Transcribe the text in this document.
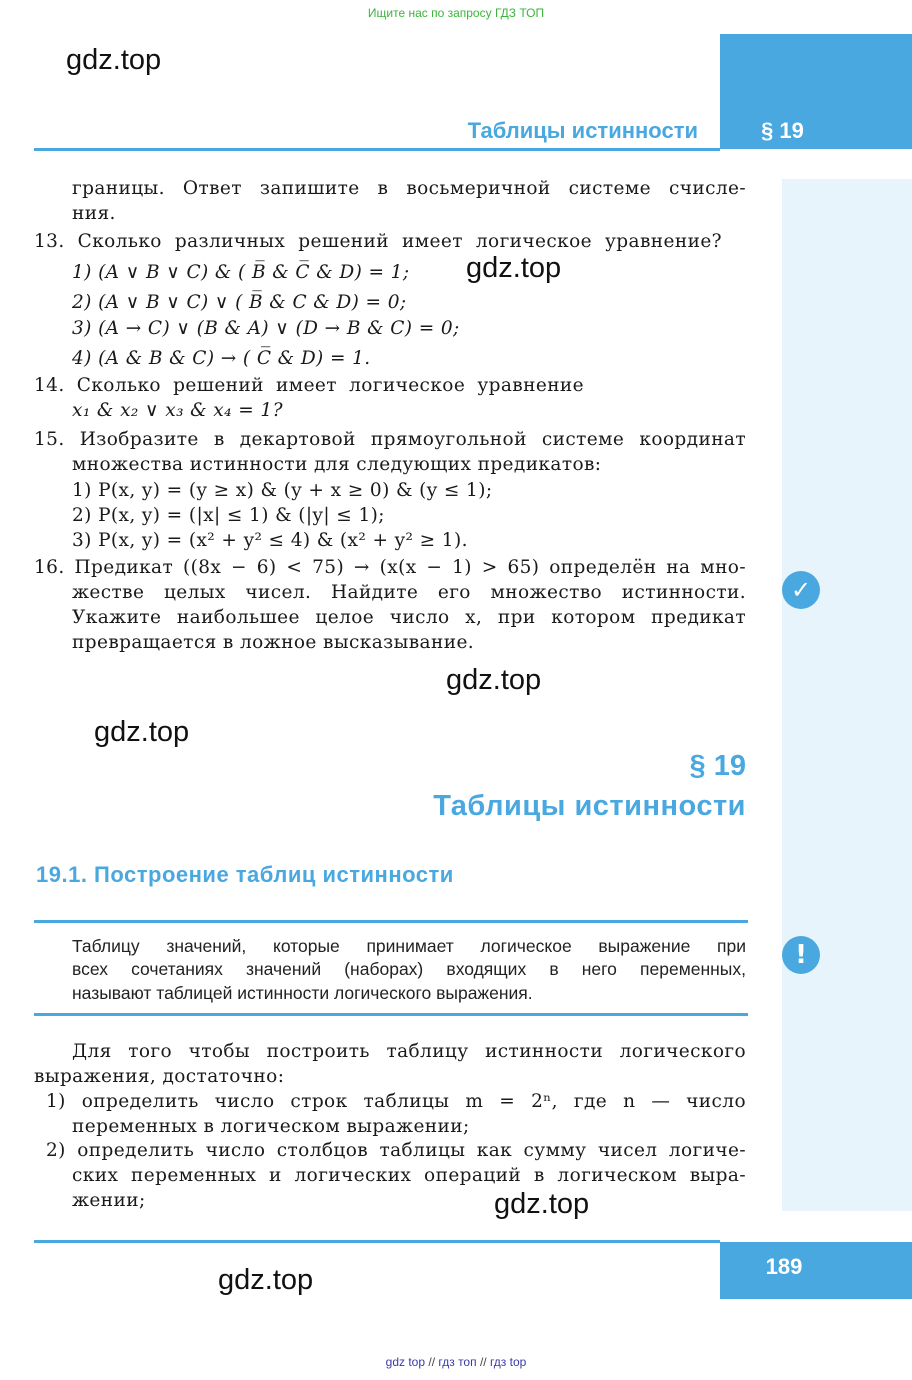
Ищите нас по запросу ГДЗ ТОП
Таблицы истинности	§ 19
gdz.top
границы. Ответ запишите в восьмеричной системе счисле-
ния.
13. Сколько различных решений имеет логическое уравнение?
1) (A ∨ B ∨ C) & ( B̅ & C̅ & D) = 1; gdz.top
2) (A ∨ B ∨ C) ∨ ( B̅ & C & D) = 0;
3) (A → C) ∨ (B & A) ∨ (D → B & C) = 0;
4) (A & B & C) → ( C̅ & D) = 1.
14. Сколько решений имеет логическое уравнение
x₁ & x₂ ∨ x₃ & x₄ = 1?
15. Изобразите в декартовой прямоугольной системе координат
множества истинности для следующих предикатов:
1) P(x, y) = (y ≥ x) & (y + x ≥ 0) & (y ≤ 1);
2) P(x, y) = (|x| ≤ 1) & (|y| ≤ 1);
3) P(x, y) = (x² + y² ≤ 4) & (x² + y² ≥ 1).
16. Предикат ((8x − 6) < 75) → (x(x − 1) > 65) определён на мно-
жестве целых чисел. Найдите его множество истинности.
Укажите наибольшее целое число x, при котором предикат
превращается в ложное высказывание.
✓
gdz.top
gdz.top
§ 19
Таблицы истинности
19.1. Построение таблиц истинности
Таблицу значений, которые принимает логическое выражение при
всех сочетаниях значений (наборах) входящих в него переменных,
называют таблицей истинности логического выражения.
!
Для того чтобы построить таблицу истинности логического
выражения, достаточно:
1) определить число строк таблицы m = 2ⁿ, где n — число
переменных в логическом выражении;
2) определить число столбцов таблицы как сумму чисел логиче-
ских переменных и логических операций в логическом выра-
жении;	gdz.top
189
gdz.top
gdz top // гдз топ // гдз top
